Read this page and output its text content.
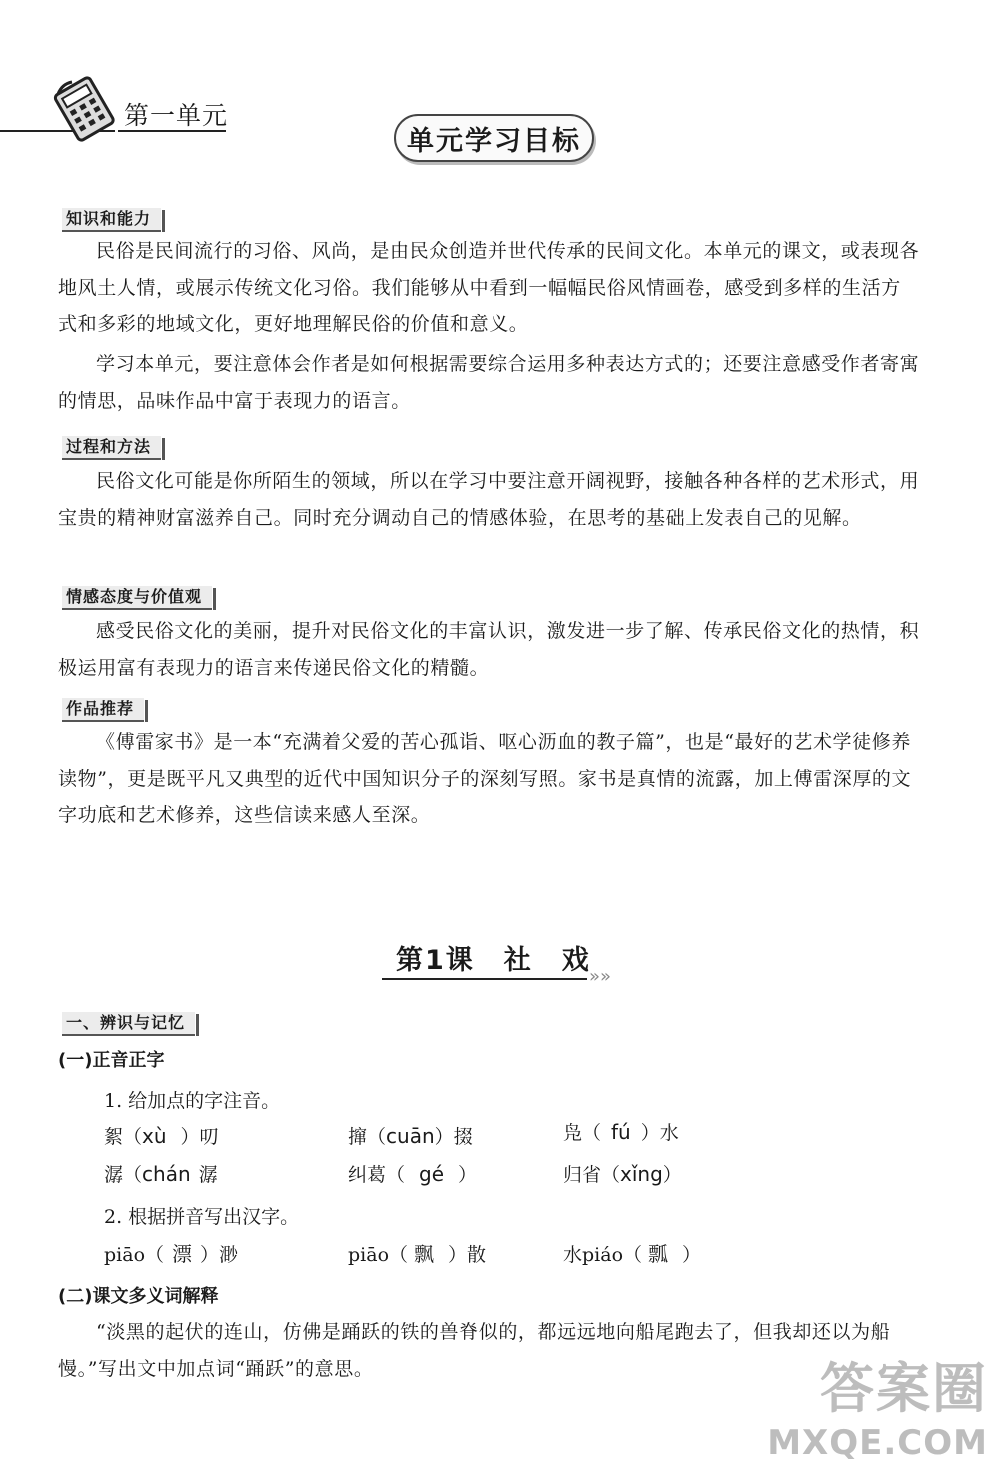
第一单元
单元学习目标
知识和能力

民俗是民间流行的习俗、风尚，是由民众创造并世代传承的民间文化。本单元的课文，或表现各地风土人情，或展示传统文化习俗。我们能够从中看到一幅幅民俗风情画卷，感受到多样的生活方式和多彩的地域文化，更好地理解民俗的价值和意义。

学习本单元，要注意体会作者是如何根据需要综合运用多种表达方式的；还要注意感受作者寄寓的情思，品味作品中富于表现力的语言。

过程和方法

民俗文化可能是你所陌生的领域，所以在学习中要注意开阔视野，接触各种各样的艺术形式，用宝贵的精神财富滋养自己。同时充分调动自己的情感体验，在思考的基础上发表自己的见解。

情感态度与价值观

感受民俗文化的美丽，提升对民俗文化的丰富认识，激发进一步了解、传承民俗文化的热情，积极运用富有表现力的语言来传递民俗文化的精髓。

作品推荐

《傅雷家书》是一本“充满着父爱的苦心孤诣、呕心沥血的教子篇”，也是“最好的艺术学徒修养读物”，更是既平凡又典型的近代中国知识分子的深刻写照。家书是真情的流露，加上傅雷深厚的文字功底和艺术修养，这些信读来感人至深。

第1课　社　戏
»»
一、辨识与记忆
(一)正音正字
1. 给加点的字注音。
絮（xù ）叨	撺（cuān）掇	凫（ fú ）水
潺（chán 潺	纠葛（ gé ）	归省（xǐng）
2. 根据拼音写出汉字。
piāo（ 漂 ）渺	piāo（ 飘 ）散	水piáo（ 瓢 ）
(二)课文多义词解释

“淡黑的起伏的连山，仿佛是踊跃的铁的兽脊似的，都远远地向船尾跑去了，但我却还以为船慢。”写出文中加点词“踊跃”的意思。	答案圈
MXQE.COM
